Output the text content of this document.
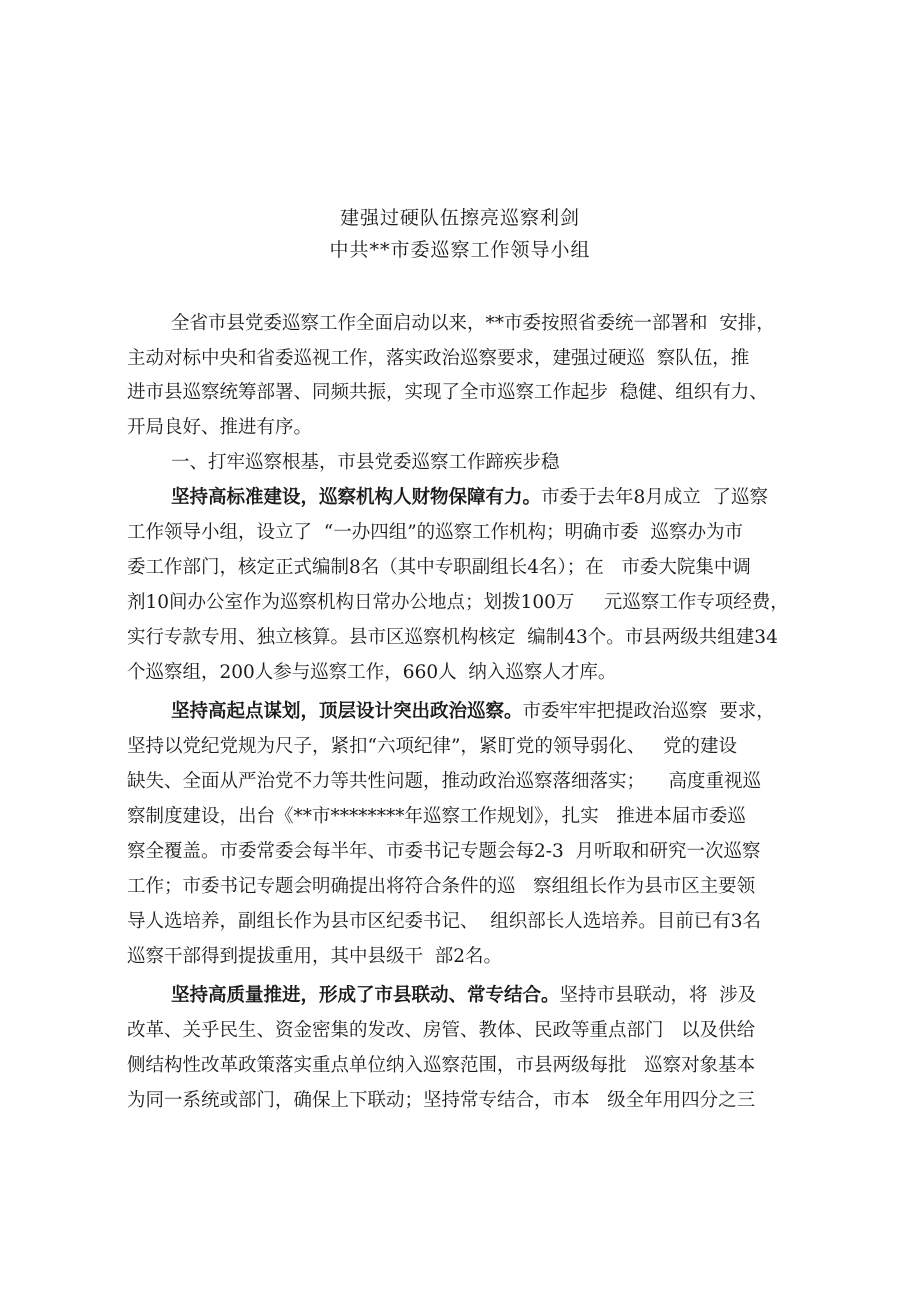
建强过硬队伍擦亮巡察利剑
中共**市委巡察工作领导小组
全省市县党委巡察工作全面启动以来，**市委按照省委统一部署和  安排，
主动对标中央和省委巡视工作，落实政治巡察要求，建强过硬巡  察队伍，推
进市县巡察统筹部署、同频共振，实现了全市巡察工作起步  稳健、组织有力、
开局良好、推进有序。
一、打牢巡察根基，市县党委巡察工作蹄疾步稳
坚持高标准建设，巡察机构人财物保障有力。市委于去年8月成立  了巡察
工作领导小组，设立了  “一办四组”的巡察工作机构；明确市委  巡察办为市
委工作部门，核定正式编制8名（其中专职副组长4名）；在   市委大院集中调
剂10间办公室作为巡察机构日常办公地点；划拨100万     元巡察工作专项经费，
实行专款专用、独立核算。县市区巡察机构核定  编制43个。市县两级共组建34
个巡察组，200人参与巡察工作，660人  纳入巡察人才库。
坚持高起点谋划，顶层设计突出政治巡察。市委牢牢把提政治巡察  要求，
坚持以党纪党规为尺子，紧扣“六项纪律”，紧盯党的领导弱化、   党的建设
缺失、全面从严治党不力等共性问题，推动政治巡察落细落实；    高度重视巡
察制度建设，出台《**市********年巡察工作规划》，扎实   推进本届市委巡
察全覆盖。市委常委会每半年、市委书记专题会每2-3  月听取和研究一次巡察
工作；市委书记专题会明确提出将符合条件的巡   察组组长作为县市区主要领
导人选培养，副组长作为县市区纪委书记、  组织部长人选培养。目前已有3名
巡察干部得到提拔重用，其中县级干  部2名。
坚持高质量推进，形成了市县联动、常专结合。坚持市县联动，将  涉及
改革、关乎民生、资金密集的发改、房管、教体、民政等重点部门   以及供给
侧结构性改革政策落实重点单位纳入巡察范围，市县两级每批   巡察对象基本
为同一系统或部门，确保上下联动；坚持常专结合，市本   级全年用四分之三
